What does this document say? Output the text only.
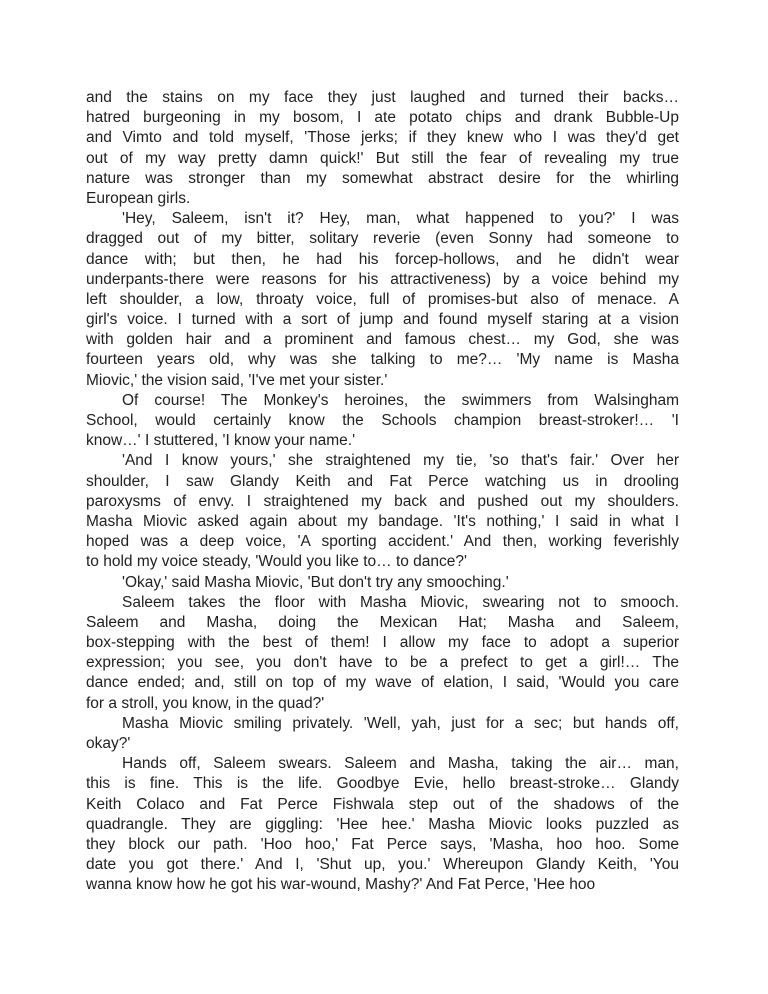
and the stains on my face they just laughed and turned their backs…
hatred burgeoning in my bosom, I ate potato chips and drank Bubble-Up
and Vimto and told myself, 'Those jerks; if they knew who I was they'd get
out of my way pretty damn quick!' But still the fear of revealing my true
nature was stronger than my somewhat abstract desire for the whirling
European girls.
'Hey, Saleem, isn't it? Hey, man, what happened to you?' I was
dragged out of my bitter, solitary reverie (even Sonny had someone to
dance with; but then, he had his forcep-hollows, and he didn't wear
underpants-there were reasons for his attractiveness) by a voice behind my
left shoulder, a low, throaty voice, full of promises-but also of menace. A
girl's voice. I turned with a sort of jump and found myself staring at a vision
with golden hair and a prominent and famous chest… my God, she was
fourteen years old, why was she talking to me?… 'My name is Masha
Miovic,' the vision said, 'I've met your sister.'
Of course! The Monkey's heroines, the swimmers from Walsingham
School, would certainly know the Schools champion breast-stroker!… 'I
know…' I stuttered, 'I know your name.'
'And I know yours,' she straightened my tie, 'so that's fair.' Over her
shoulder, I saw Glandy Keith and Fat Perce watching us in drooling
paroxysms of envy. I straightened my back and pushed out my shoulders.
Masha Miovic asked again about my bandage. 'It's nothing,' I said in what I
hoped was a deep voice, 'A sporting accident.' And then, working feverishly
to hold my voice steady, 'Would you like to… to dance?'
'Okay,' said Masha Miovic, 'But don't try any smooching.'
Saleem takes the floor with Masha Miovic, swearing not to smooch.
Saleem and Masha, doing the Mexican Hat; Masha and Saleem,
box-stepping with the best of them! I allow my face to adopt a superior
expression; you see, you don't have to be a prefect to get a girl!… The
dance ended; and, still on top of my wave of elation, I said, 'Would you care
for a stroll, you know, in the quad?'
Masha Miovic smiling privately. 'Well, yah, just for a sec; but hands off,
okay?'
Hands off, Saleem swears. Saleem and Masha, taking the air… man,
this is fine. This is the life. Goodbye Evie, hello breast-stroke… Glandy
Keith Colaco and Fat Perce Fishwala step out of the shadows of the
quadrangle. They are giggling: 'Hee hee.' Masha Miovic looks puzzled as
they block our path. 'Hoo hoo,' Fat Perce says, 'Masha, hoo hoo. Some
date you got there.' And I, 'Shut up, you.' Whereupon Glandy Keith, 'You
wanna know how he got his war-wound, Mashy?' And Fat Perce, 'Hee hoo
